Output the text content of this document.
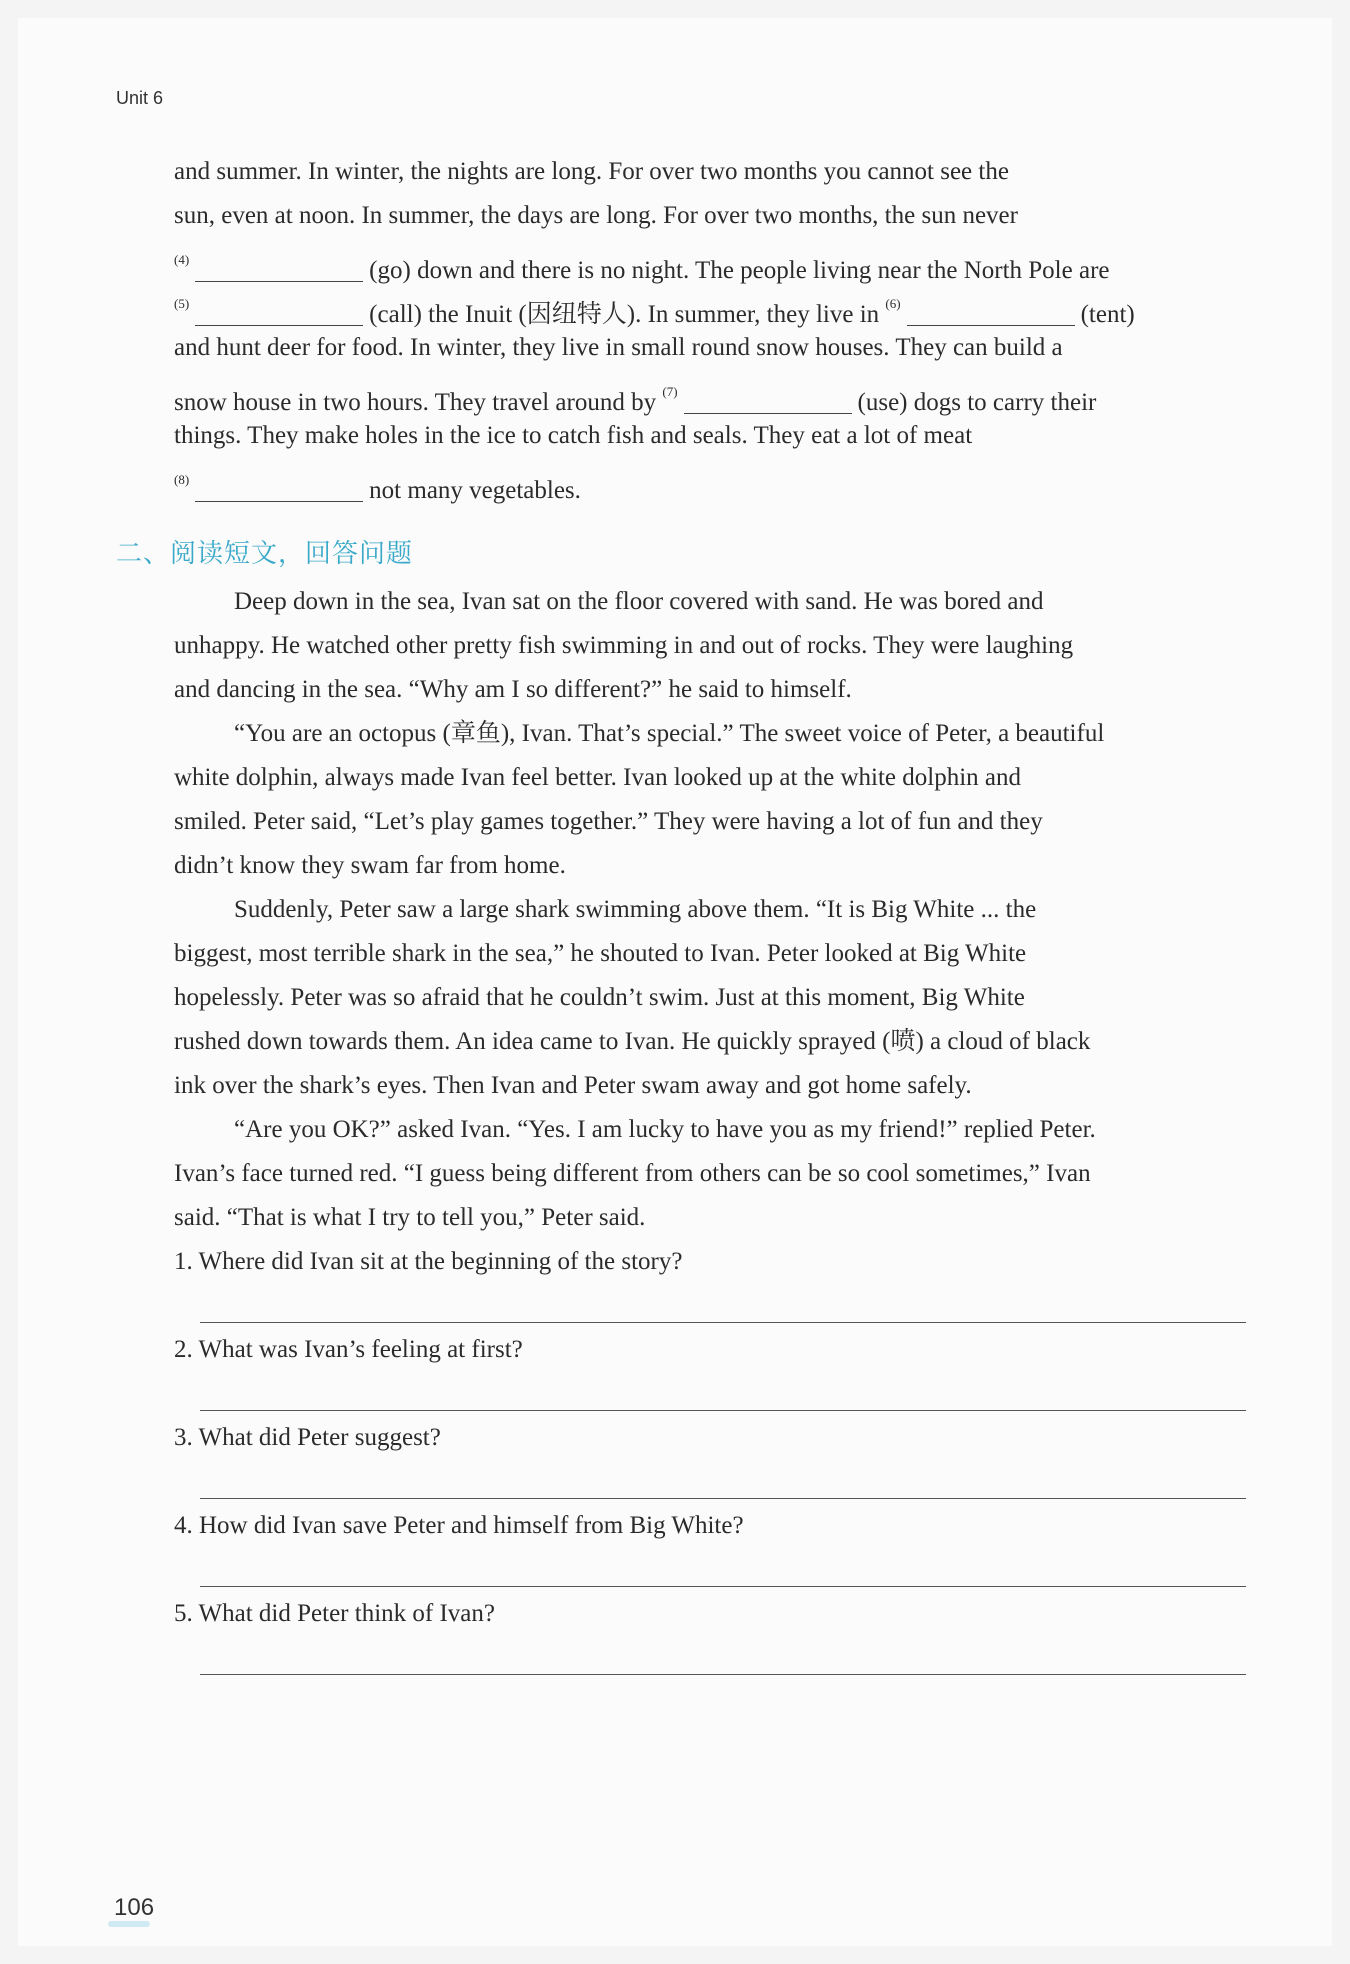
Unit 6
and summer. In winter, the nights are long. For over two months you cannot see the
sun, even at noon. In summer, the days are long. For over two months, the sun never
$^{(4)}$	(go) down and there is no night. The people living near the North Pole are
$^{(5)}$	(call) the Inuit (因纽特人). In summer, they live in $^{(6)}$	(tent)
and hunt deer for food. In winter, they live in small round snow houses. They can build a
snow house in two hours. They travel around by $^{(7)}$	(use) dogs to carry their
things. They make holes in the ice to catch fish and seals. They eat a lot of meat
$^{(8)}$	not many vegetables.
二、阅读短文，回答问题
Deep down in the sea, Ivan sat on the floor covered with sand. He was bored and
unhappy. He watched other pretty fish swimming in and out of rocks. They were laughing
and dancing in the sea. “Why am I so different?” he said to himself.
“You are an octopus (章鱼), Ivan. That’s special.” The sweet voice of Peter, a beautiful
white dolphin, always made Ivan feel better. Ivan looked up at the white dolphin and
smiled. Peter said, “Let’s play games together.” They were having a lot of fun and they
didn’t know they swam far from home.
Suddenly, Peter saw a large shark swimming above them. “It is Big White ... the
biggest, most terrible shark in the sea,” he shouted to Ivan. Peter looked at Big White
hopelessly. Peter was so afraid that he couldn’t swim. Just at this moment, Big White
rushed down towards them. An idea came to Ivan. He quickly sprayed (喷) a cloud of black
ink over the shark’s eyes. Then Ivan and Peter swam away and got home safely.
“Are you OK?” asked Ivan. “Yes. I am lucky to have you as my friend!” replied Peter.
Ivan’s face turned red. “I guess being different from others can be so cool sometimes,” Ivan
said. “That is what I try to tell you,” Peter said.
1. Where did Ivan sit at the beginning of the story?
2. What was Ivan’s feeling at first?
3. What did Peter suggest?
4. How did Ivan save Peter and himself from Big White?
5. What did Peter think of Ivan?
106
